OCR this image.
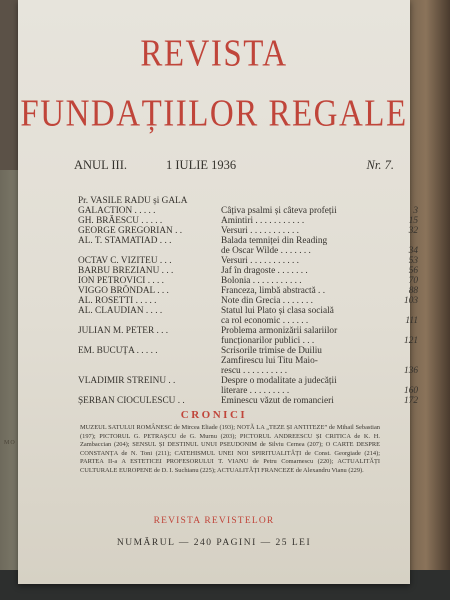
MO
REVISTA
FUNDAȚIILOR REGALE
ANUL III.	1 IULIE 1936	Nr. 7.
Pr. VASILE RADU și GALA
GALACTION . . . . .	Câțiva psalmi și câteva profeții	3
GH. BRĂESCU . . . . .	Amintiri . . . . . . . . . . .	15
GEORGE GREGORIAN . .	Versuri . . . . . . . . . . .	32
AL. T. STAMATIAD . . .	Balada temniței din Reading
de Oscar Wilde . . . . . . .	34
OCTAV C. VIZITEU . . .	Versuri . . . . . . . . . . .	53
BARBU BREZIANU . . .	Jaf în dragoste . . . . . . .	56
ION PETROVICI . . . .	Bolonia . . . . . . . . . . .	70
VIGGO BRÖNDAL . . .	Franceza, limbă abstractă . .	88
AL. ROSETTI . . . . .	Note din Grecia . . . . . . .	103
AL. CLAUDIAN . . . .	Statul lui Plato și clasa socială
ca rol economic . . . . . .	111
JULIAN M. PETER . . .	Problema armonizării salariilor
funcționarilor publici . . .	121
EM. BUCUȚA . . . . .	Scrisorile trimise de Duiliu
Zamfirescu lui Titu Maio-
rescu . . . . . . . . . .	136
VLADIMIR STREINU . .	Despre o modalitate a judecății
literare . . . . . . . . .	160
ȘERBAN CIOCULESCU . .	Eminescu văzut de romancieri	172
CRONICI
MUZEUL SATULUI ROMÂNESC de Mircea Eliade (193); NOTĂ LA „TEZE ȘI ANTITEZE” de Mihail Sebastian (197); PICTORUL G. PETRAȘCU de G. Murnu (203); PICTORUL ANDREESCU ȘI CRITICA de K. H. Zambaccian (204); SENSUL ȘI DESTINUL UNUI PSEUDONIM de Silviu Cernea (207); O CARTE DESPRE CONSTANȚA de N. Toni (211); CATEHISMUL UNEI NOI SPIRITUALITĂȚI de Const. Georgiade (214); PARTEA II-a A ESTETICEI PROFESORULUI T. VIANU de Petru Comarnescu (220); ACTUALITĂȚI CULTURALE EUROPENE de D. I. Suchianu (225); ACTUALITĂȚI FRANCEZE de Alexandru Vianu (229).
REVISTA REVISTELOR
NUMĂRUL — 240 PAGINI — 25 LEI
